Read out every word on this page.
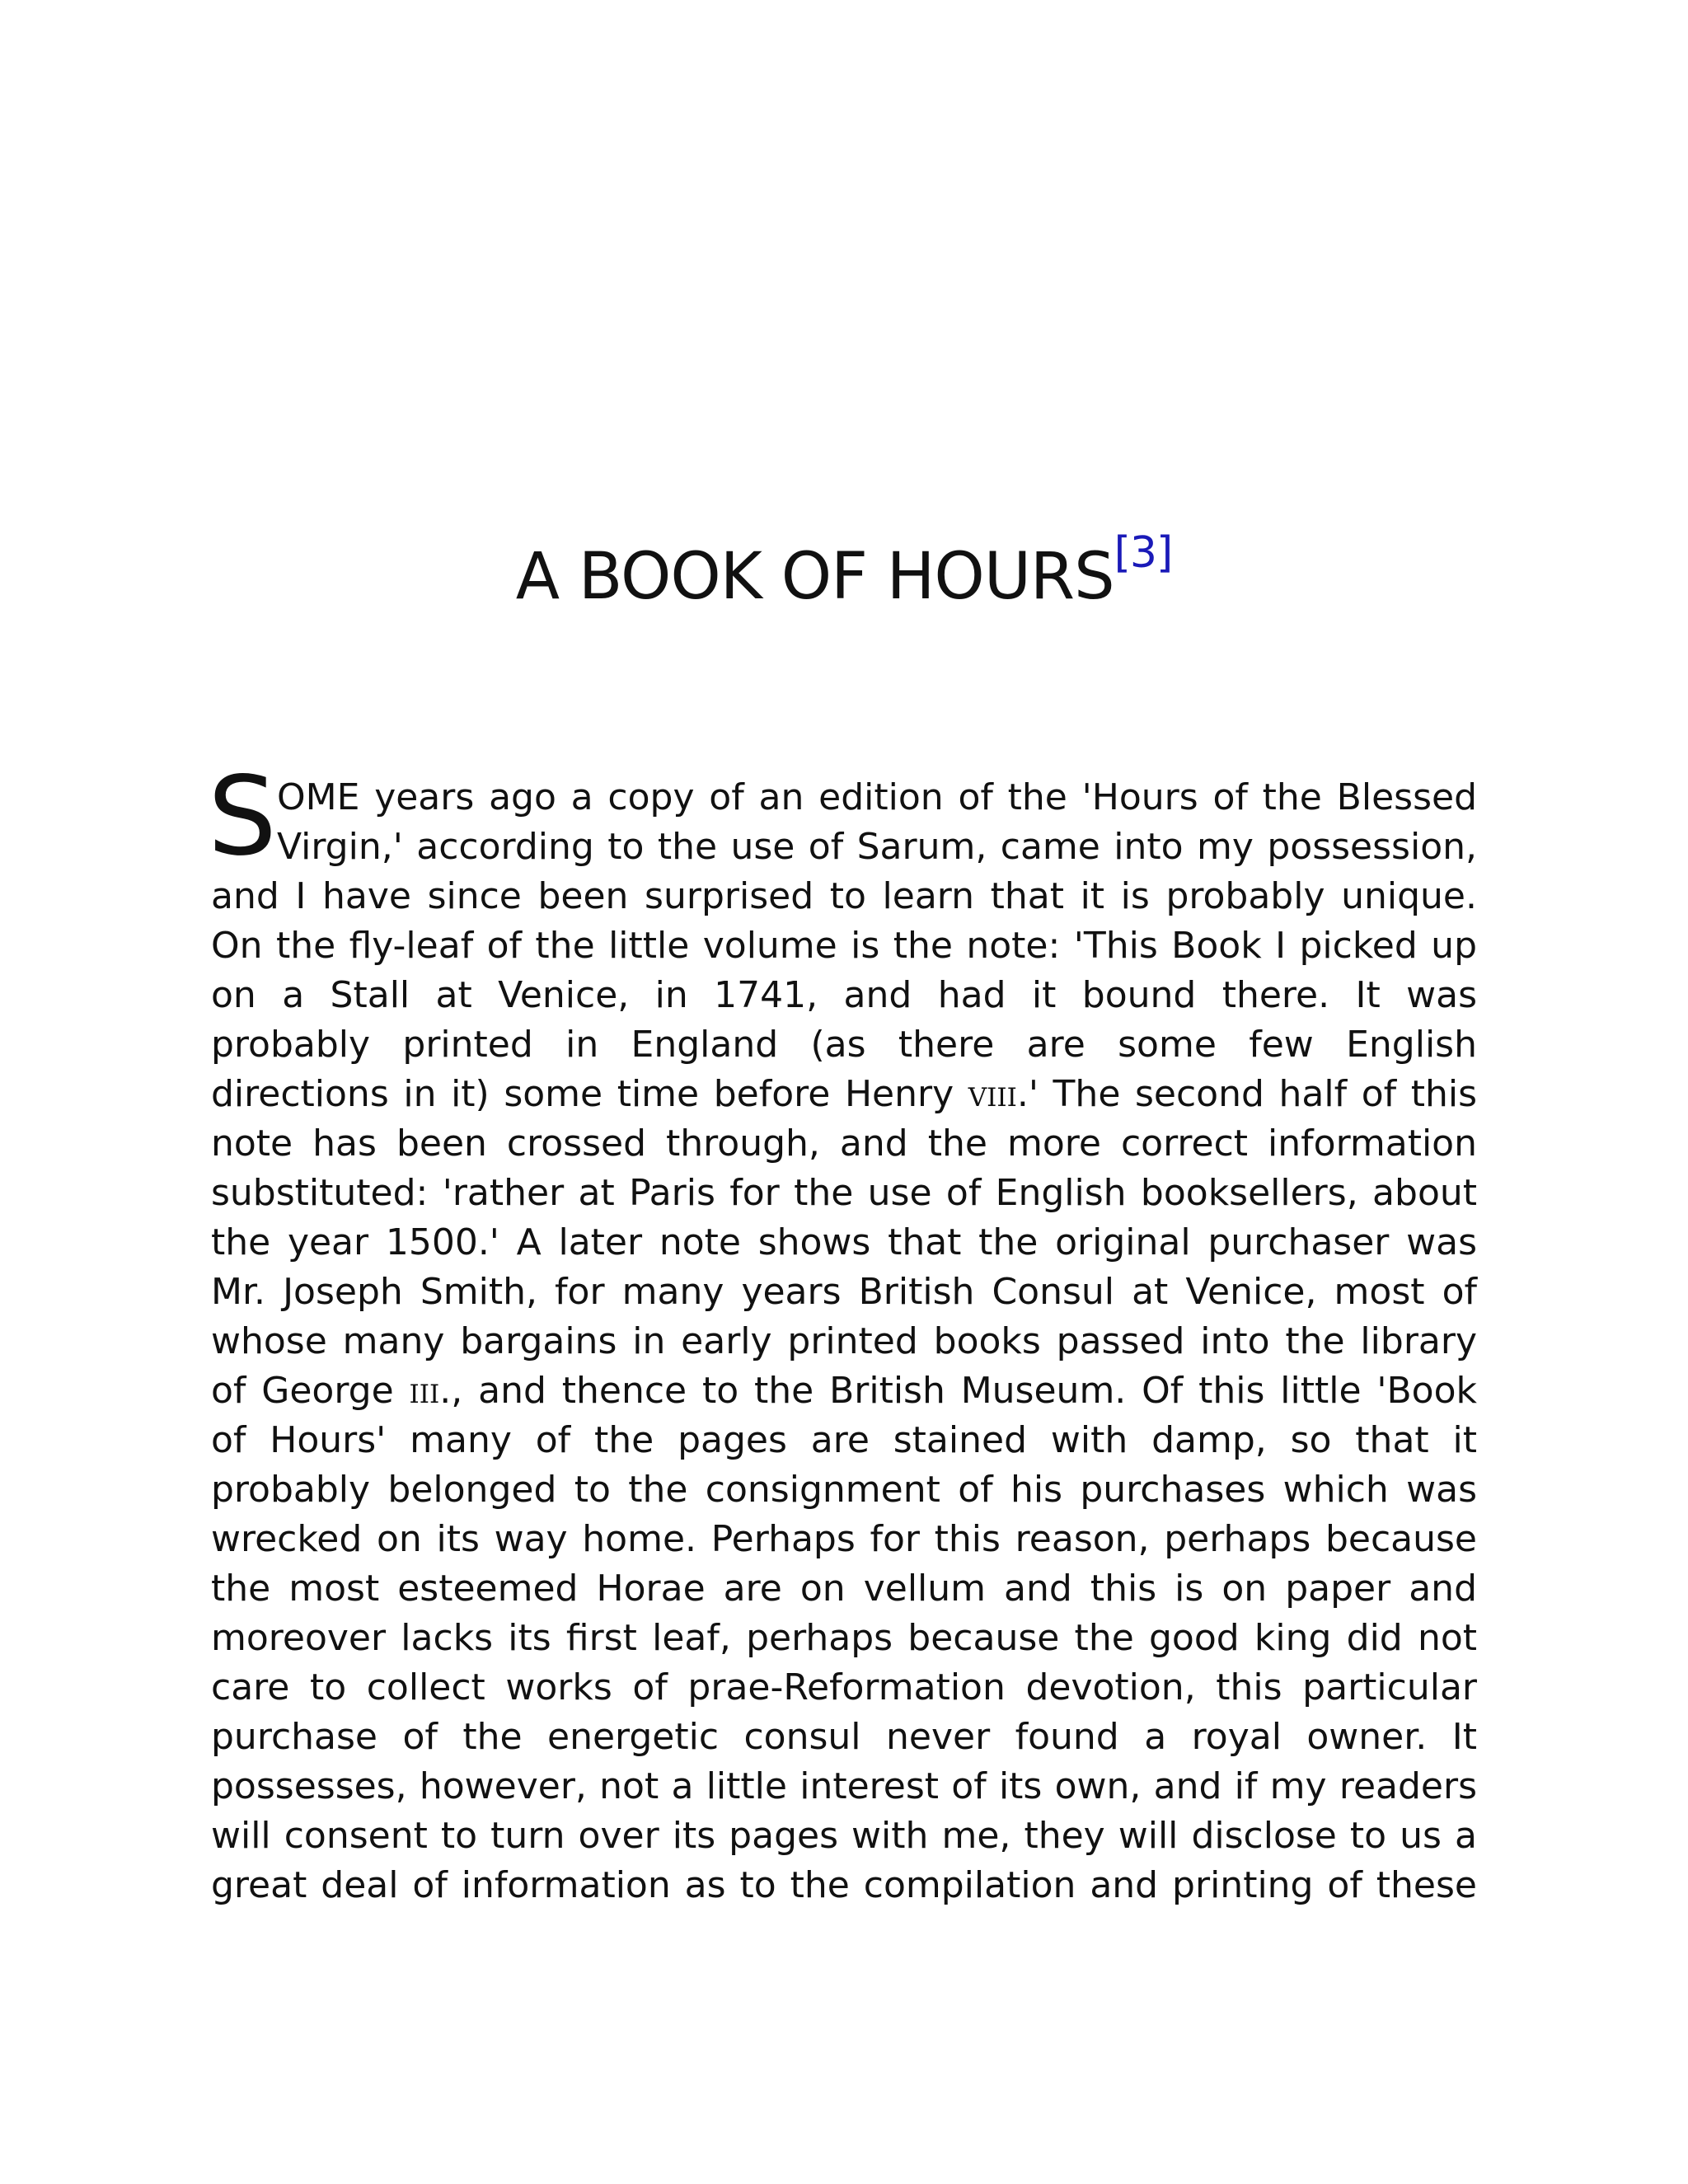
A BOOK OF HOURS[3]
S OME years ago a copy of an edition of the 'Hours of the Blessed
Virgin,' according to the use of Sarum, came into my possession,
and I have since been surprised to learn that it is probably unique.
On the fly-leaf of the little volume is the note: 'This Book I picked up
on a Stall at Venice, in 1741, and had it bound there. It was
probably printed in England (as there are some few English
directions in it) some time before Henry viii.' The second half of this
note has been crossed through, and the more correct information
substituted: 'rather at Paris for the use of English booksellers, about
the year 1500.' A later note shows that the original purchaser was
Mr. Joseph Smith, for many years British Consul at Venice, most of
whose many bargains in early printed books passed into the library
of George iii., and thence to the British Museum. Of this little 'Book
of Hours' many of the pages are stained with damp, so that it
probably belonged to the consignment of his purchases which was
wrecked on its way home. Perhaps for this reason, perhaps because
the most esteemed Horae are on vellum and this is on paper and
moreover lacks its first leaf, perhaps because the good king did not
care to collect works of prae-Reformation devotion, this particular
purchase of the energetic consul never found a royal owner. It
possesses, however, not a little interest of its own, and if my readers
will consent to turn over its pages with me, they will disclose to us a
great deal of information as to the compilation and printing of these
